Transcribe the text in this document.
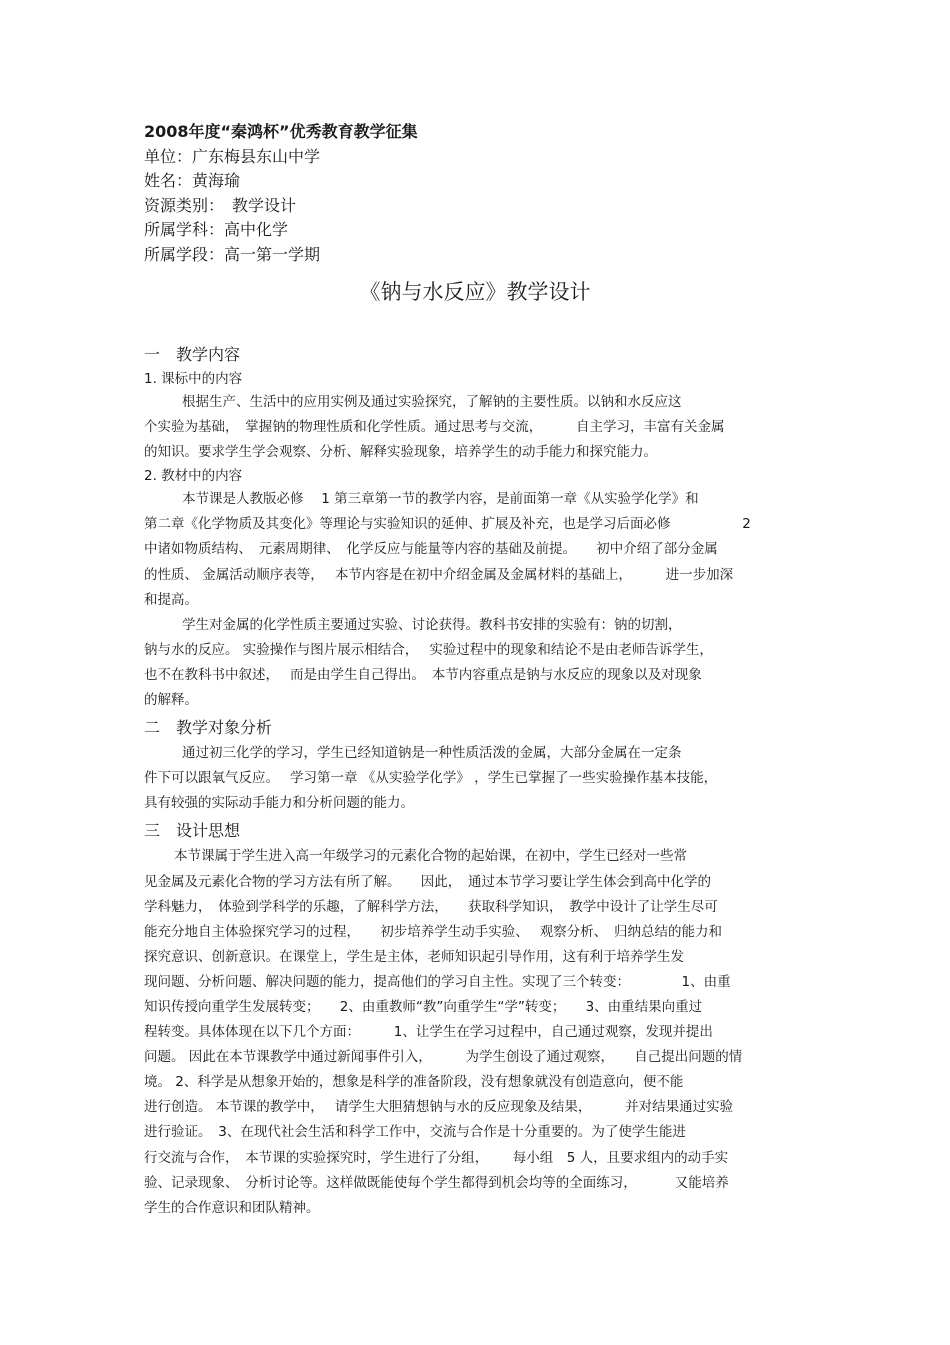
2008年度“秦鸿杯”优秀教育教学征集
单位：广东梅县东山中学
姓名：黄海瑜
资源类别：　教学设计
所属学科：高中化学
所属学段：高一第一学期
《钠与水反应》教学设计
一　教学内容
1. 课标中的内容
根据生产、生活中的应用实例及通过实验探究，了解钠的主要性质。以钠和水反应这
个实验为基础，　掌握钠的物理性质和化学性质。通过思考与交流，　　　自主学习，丰富有关金属
的知识。要求学生学会观察、分析、解释实验现象，培养学生的动手能力和探究能力。
2. 教材中的内容
本节课是人教版必修　 1 第三章第一节的教学内容，是前面第一章《从实验学化学》和
第二章《化学物质及其变化》等理论与实验知识的延伸、扩展及补充，也是学习后面必修　　　　　 2
中诸如物质结构、　元素周期律、　化学反应与能量等内容的基础及前提。　　初中介绍了部分金属
的性质、 金属活动顺序表等，　 本节内容是在初中介绍金属及金属材料的基础上，　　　进一步加深
和提高。
学生对金属的化学性质主要通过实验、讨论获得。教科书安排的实验有：钠的切割，
钠与水的反应。 实验操作与图片展示相结合，　 实验过程中的现象和结论不是由老师告诉学生，
也不在教科书中叙述，　 而是由学生自己得出。　本节内容重点是钠与水反应的现象以及对现象
的解释。
二　教学对象分析
通过初三化学的学习，学生已经知道钠是一种性质活泼的金属，大部分金属在一定条
件下可以跟氧气反应。　 学习第一章 《从实验学化学》 ，学生已掌握了一些实验操作基本技能，
具有较强的实际动手能力和分析问题的能力。
三　设计思想
本节课属于学生进入高一年级学习的元素化合物的起始课，在初中，学生已经对一些常
见金属及元素化合物的学习方法有所了解。　　因此，　通过本节学习要让学生体会到高中化学的
学科魅力，　体验到学科学的乐趣，了解科学方法，　　获取科学知识，　教学中设计了让学生尽可
能充分地自主体验探究学习的过程，　　初步培养学生动手实验、　 观察分析、　归纳总结的能力和
探究意识、创新意识。在课堂上，学生是主体，老师知识起引导作用，这有利于培养学生发
现问题、分析问题、解决问题的能力，提高他们的学习自主性。实现了三个转变：　　　　 1、由重
知识传授向重学生发展转变；　　2、由重教师“教”向重学生“学”转变；　　3、由重结果向重过
程转变。具体体现在以下几个方面：　　　1、让学生在学习过程中，自己通过观察，发现并提出
问题。 因此在本节课教学中通过新闻事件引入，　　　为学生创设了通过观察，　　自己提出问题的情
境。 2、科学是从想象开始的，想象是科学的准备阶段，没有想象就没有创造意向，便不能
进行创造。 本节课的教学中，　 请学生大胆猜想钠与水的反应现象及结果，　　　并对结果通过实验
进行验证。　3、在现代社会生活和科学工作中，交流与合作是十分重要的。为了使学生能进
行交流与合作，　本节课的实验探究时，学生进行了分组，　　 每小组　5 人，且要求组内的动手实
验、记录现象、　分析讨论等。这样做既能使每个学生都得到机会均等的全面练习，　　　 又能培养
学生的合作意识和团队精神。
